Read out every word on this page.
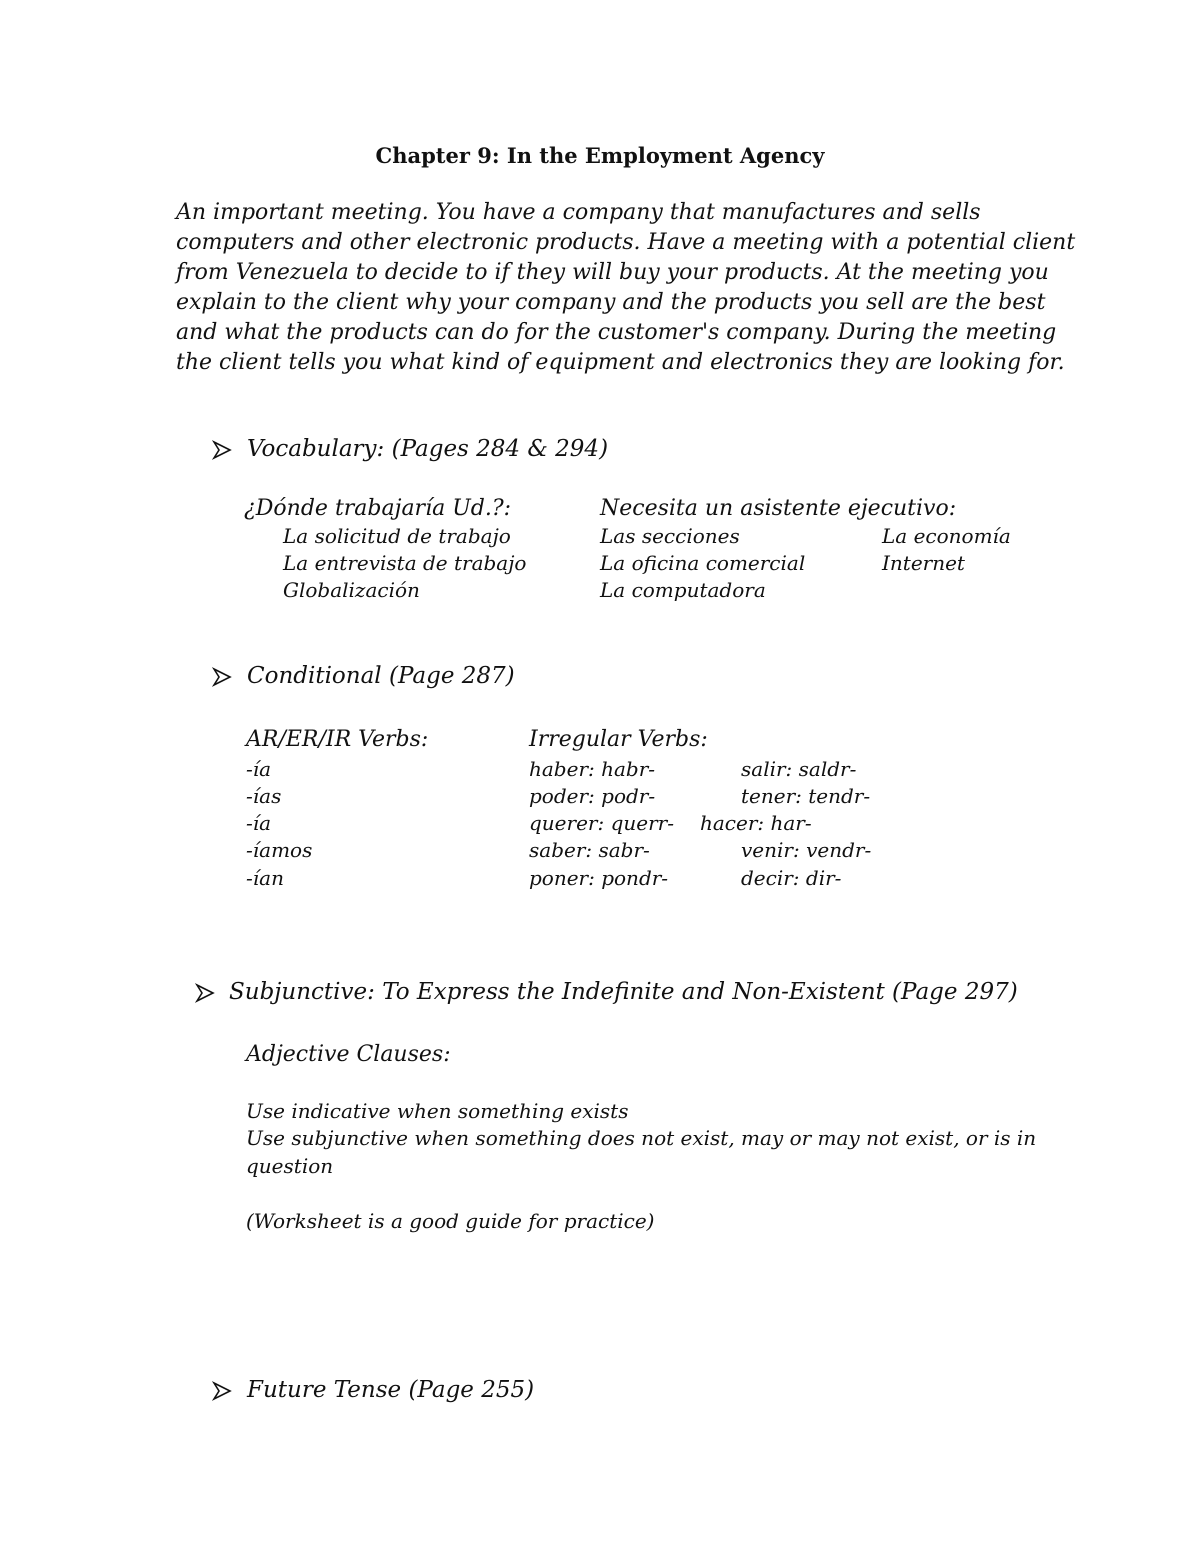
Chapter 9: In the Employment Agency
An important meeting. You have a company that manufactures and sells
computers and other electronic products. Have a meeting with a potential client
from Venezuela to decide to if they will buy your products. At the meeting you
explain to the client why your company and the products you sell are the best
and what the products can do for the customer's company. During the meeting
the client tells you what kind of equipment and electronics they are looking for.
Vocabulary: (Pages 284 & 294)
¿Dónde trabajaría Ud.?:
La solicitud de trabajo
La entrevista de trabajo
Globalización
Necesita un asistente ejecutivo:
Las secciones
La oficina comercial
La computadora
La economía
Internet
Conditional (Page 287)
AR/ER/IR Verbs:
-ía
-ías
-ía
-íamos
-ían
Irregular Verbs:
haber: habr-
poder: podr-
querer: querr-
saber: sabr-
poner: pondr-
salir: saldr-
tener: tendr-
hacer: har-
venir: vendr-
decir: dir-
Subjunctive: To Express the Indefinite and Non-Existent (Page 297)
Adjective Clauses:
Use indicative when something exists
Use subjunctive when something does not exist, may or may not exist, or is in
question
(Worksheet is a good guide for practice)
Future Tense (Page 255)
